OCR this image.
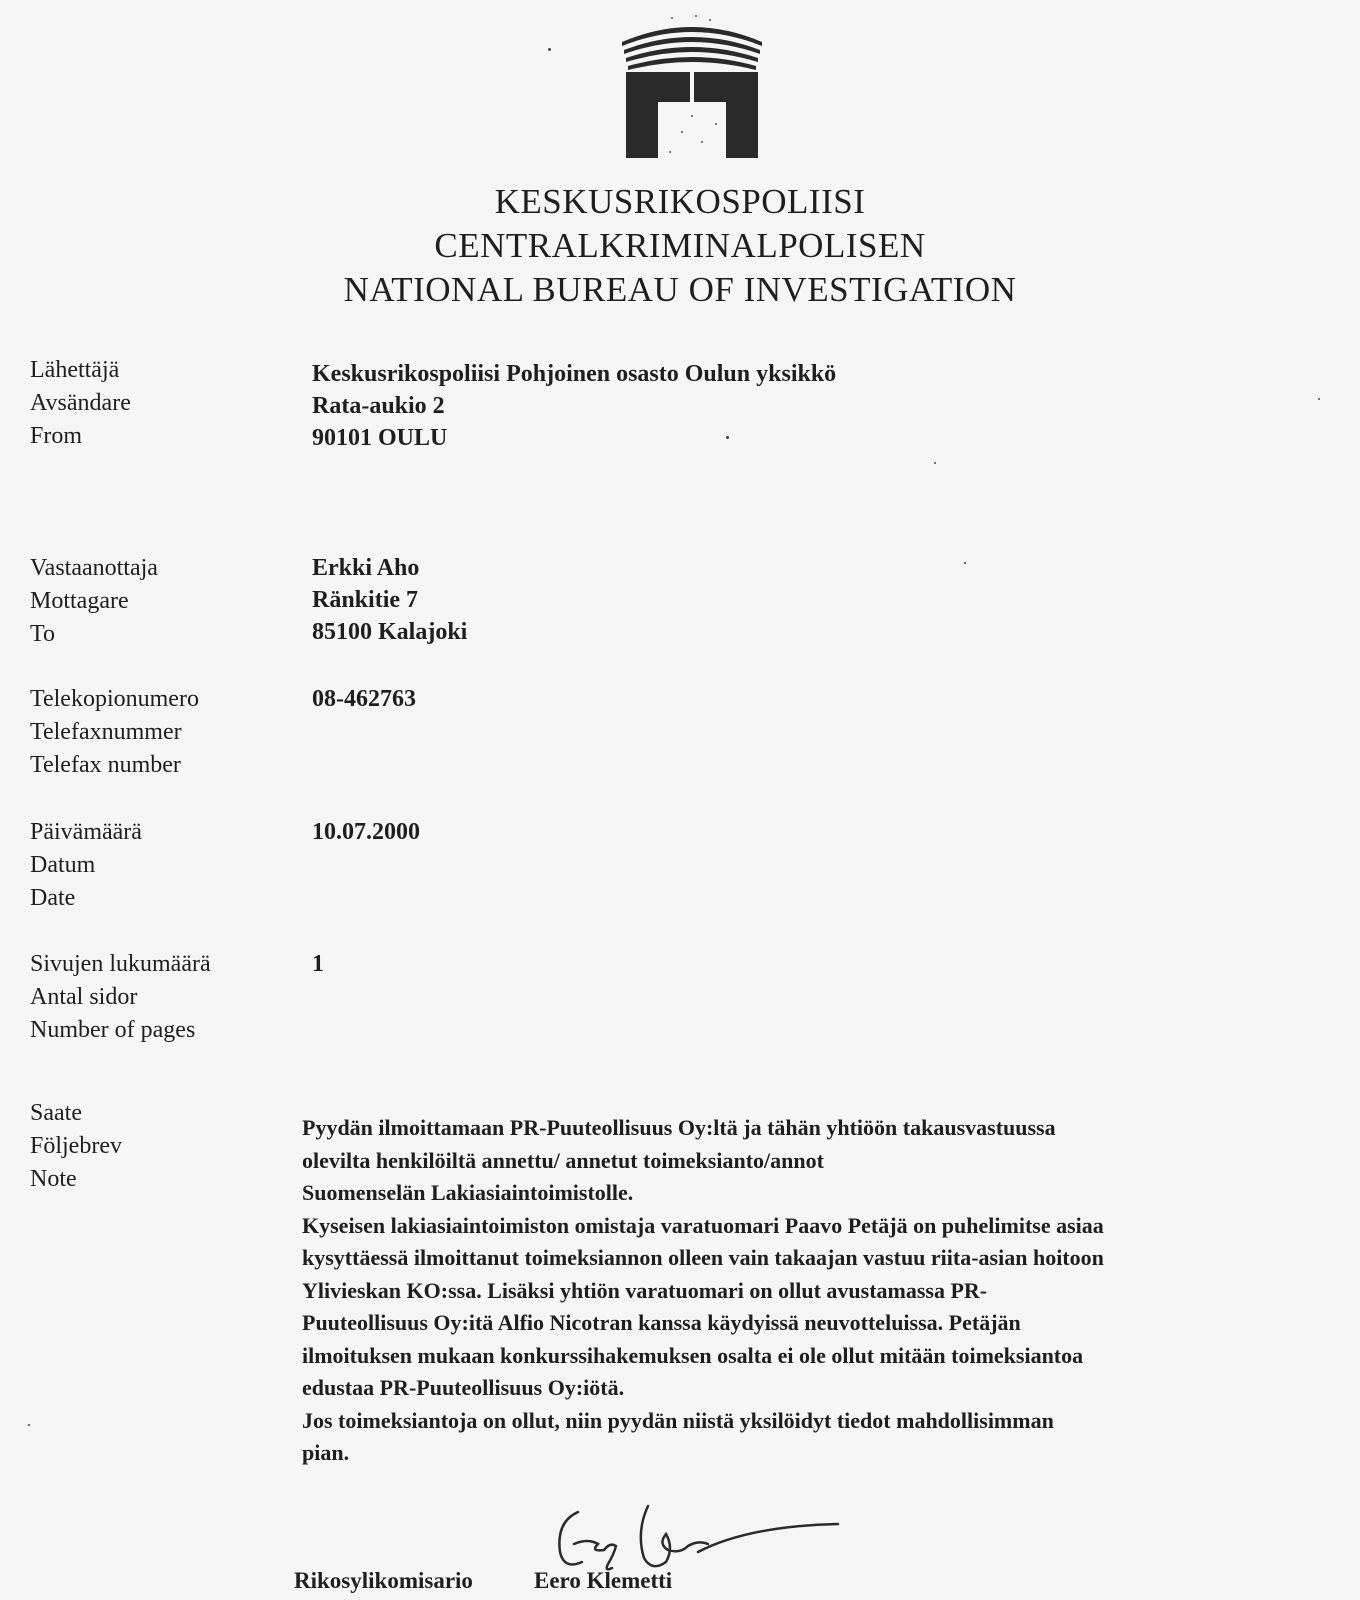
KESKUSRIKOSPOLIISI
CENTRALKRIMINALPOLISEN
NATIONAL BUREAU OF INVESTIGATION
Lähettäjä
Avsändare
From
Keskusrikospoliisi Pohjoinen osasto Oulun yksikkö
Rata-aukio 2
90101 OULU
Vastaanottaja
Mottagare
To
Erkki Aho
Ränkitie 7
85100 Kalajoki
Telekopionumero
Telefaxnummer
Telefax number
08-462763
Päivämäärä
Datum
Date
10.07.2000
Sivujen lukumäärä
Antal sidor
Number of pages
1
Saate
Följebrev
Note
Pyydän ilmoittamaan PR-Puuteollisuus Oy:ltä ja tähän yhtiöön takausvastuussa
olevilta henkilöiltä annettu/ annetut toimeksianto/annot
Suomenselän Lakiasiaintoimistolle.
Kyseisen lakiasiaintoimiston omistaja varatuomari Paavo Petäjä on puhelimitse asiaa
kysyttäessä ilmoittanut toimeksiannon olleen vain takaajan vastuu riita-asian hoitoon
Ylivieskan KO:ssa. Lisäksi yhtiön varatuomari on ollut avustamassa PR-
Puuteollisuus Oy:itä Alfio Nicotran kanssa käydyissä neuvotteluissa. Petäjän
ilmoituksen mukaan konkurssihakemuksen osalta ei ole ollut mitään toimeksiantoa
edustaa PR-Puuteollisuus Oy:iötä.
Jos toimeksiantoja on ollut, niin pyydän niistä yksilöidyt tiedot mahdollisimman
pian.
Rikosylikomisario	Eero Klemetti
